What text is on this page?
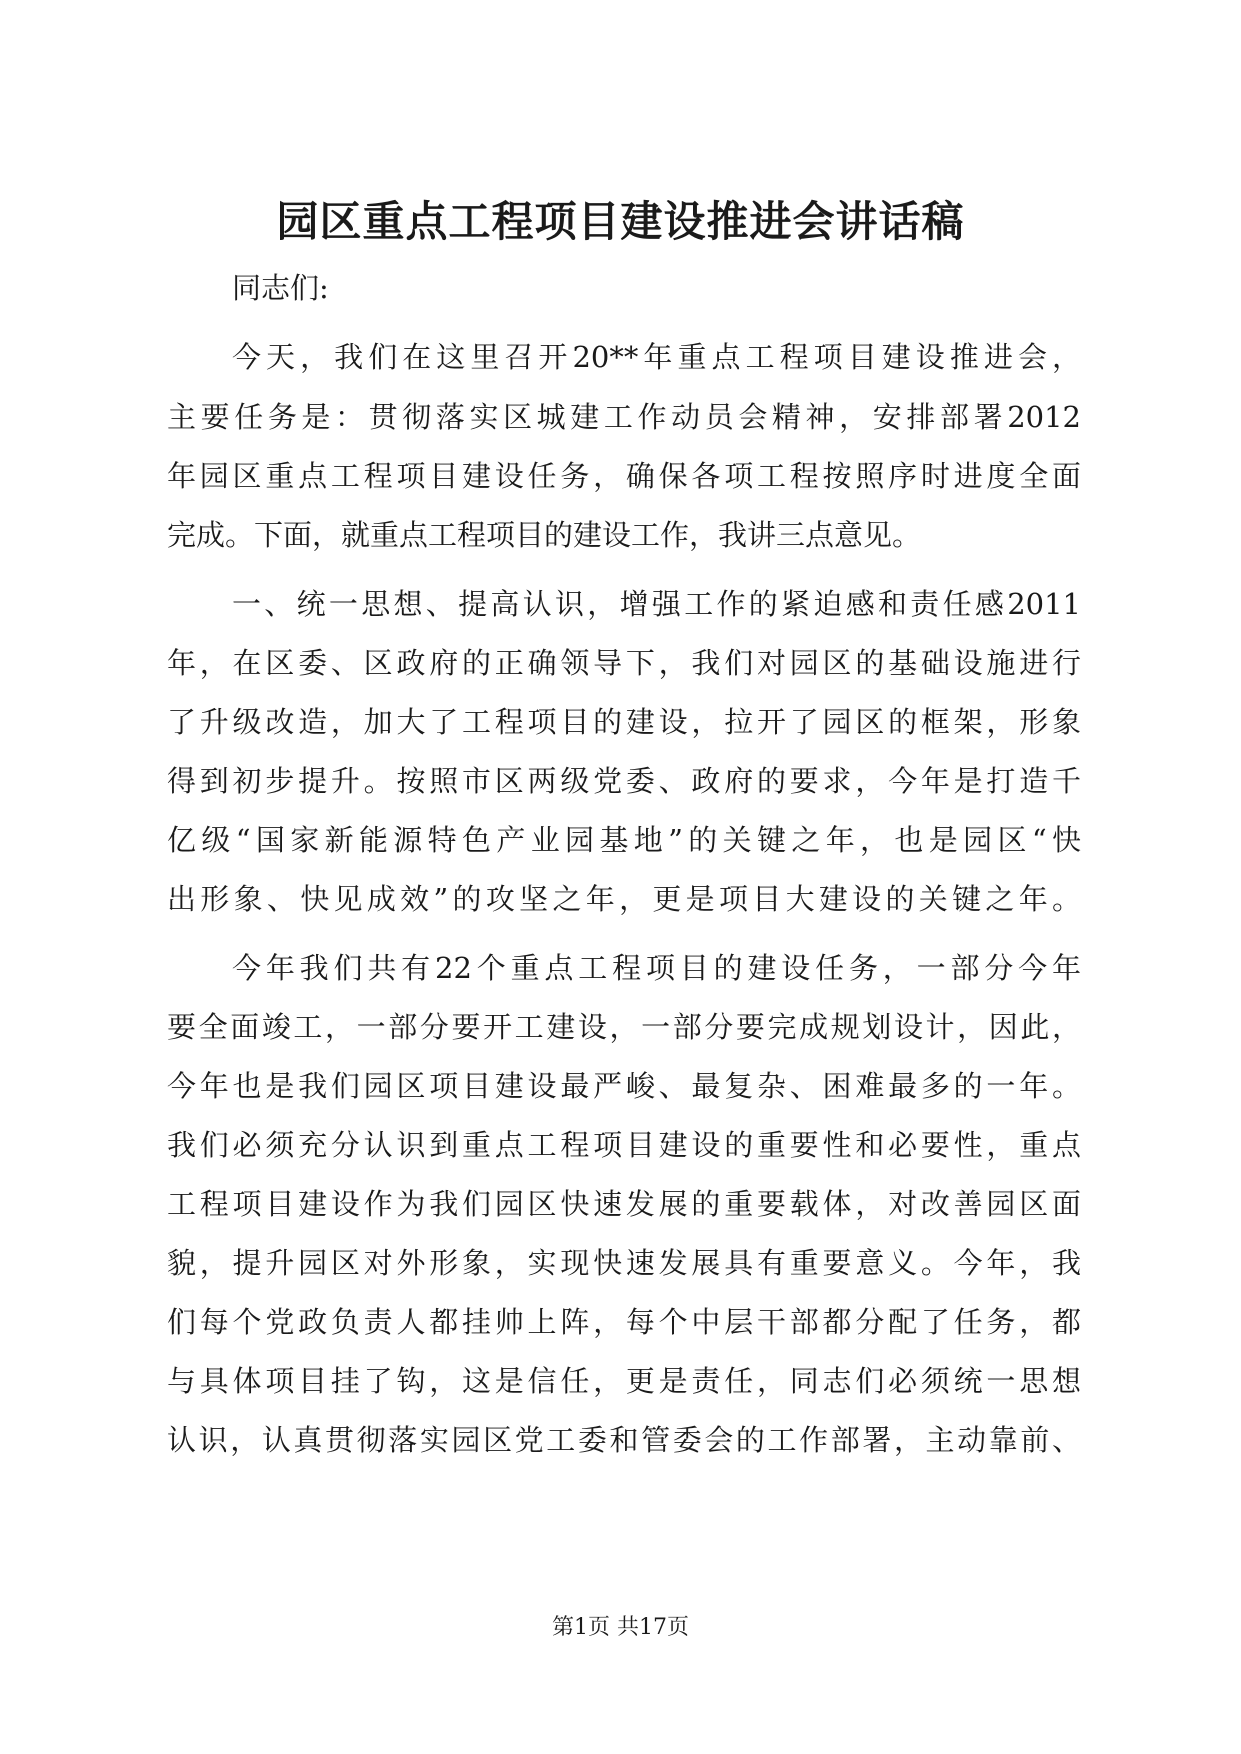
园区重点工程项目建设推进会讲话稿

同志们:

今天，我们在这里召开20**年重点工程项目建设推进会，

主要任务是：贯彻落实区城建工作动员会精神，安排部署2012

年园区重点工程项目建设任务，确保各项工程按照序时进度全面

完成。下面，就重点工程项目的建设工作，我讲三点意见。

一、统一思想、提高认识，增强工作的紧迫感和责任感2011

年，在区委、区政府的正确领导下，我们对园区的基础设施进行

了升级改造，加大了工程项目的建设，拉开了园区的框架，形象

得到初步提升。按照市区两级党委、政府的要求，今年是打造千

亿级“国家新能源特色产业园基地”的关键之年，也是园区“快

出形象、快见成效”的攻坚之年，更是项目大建设的关键之年。

今年我们共有22个重点工程项目的建设任务，一部分今年

要全面竣工，一部分要开工建设，一部分要完成规划设计，因此，

今年也是我们园区项目建设最严峻、最复杂、困难最多的一年。

我们必须充分认识到重点工程项目建设的重要性和必要性，重点

工程项目建设作为我们园区快速发展的重要载体，对改善园区面

貌，提升园区对外形象，实现快速发展具有重要意义。今年，我

们每个党政负责人都挂帅上阵，每个中层干部都分配了任务，都

与具体项目挂了钩，这是信任，更是责任，同志们必须统一思想

认识，认真贯彻落实园区党工委和管委会的工作部署，主动靠前、

第1页 共17页
